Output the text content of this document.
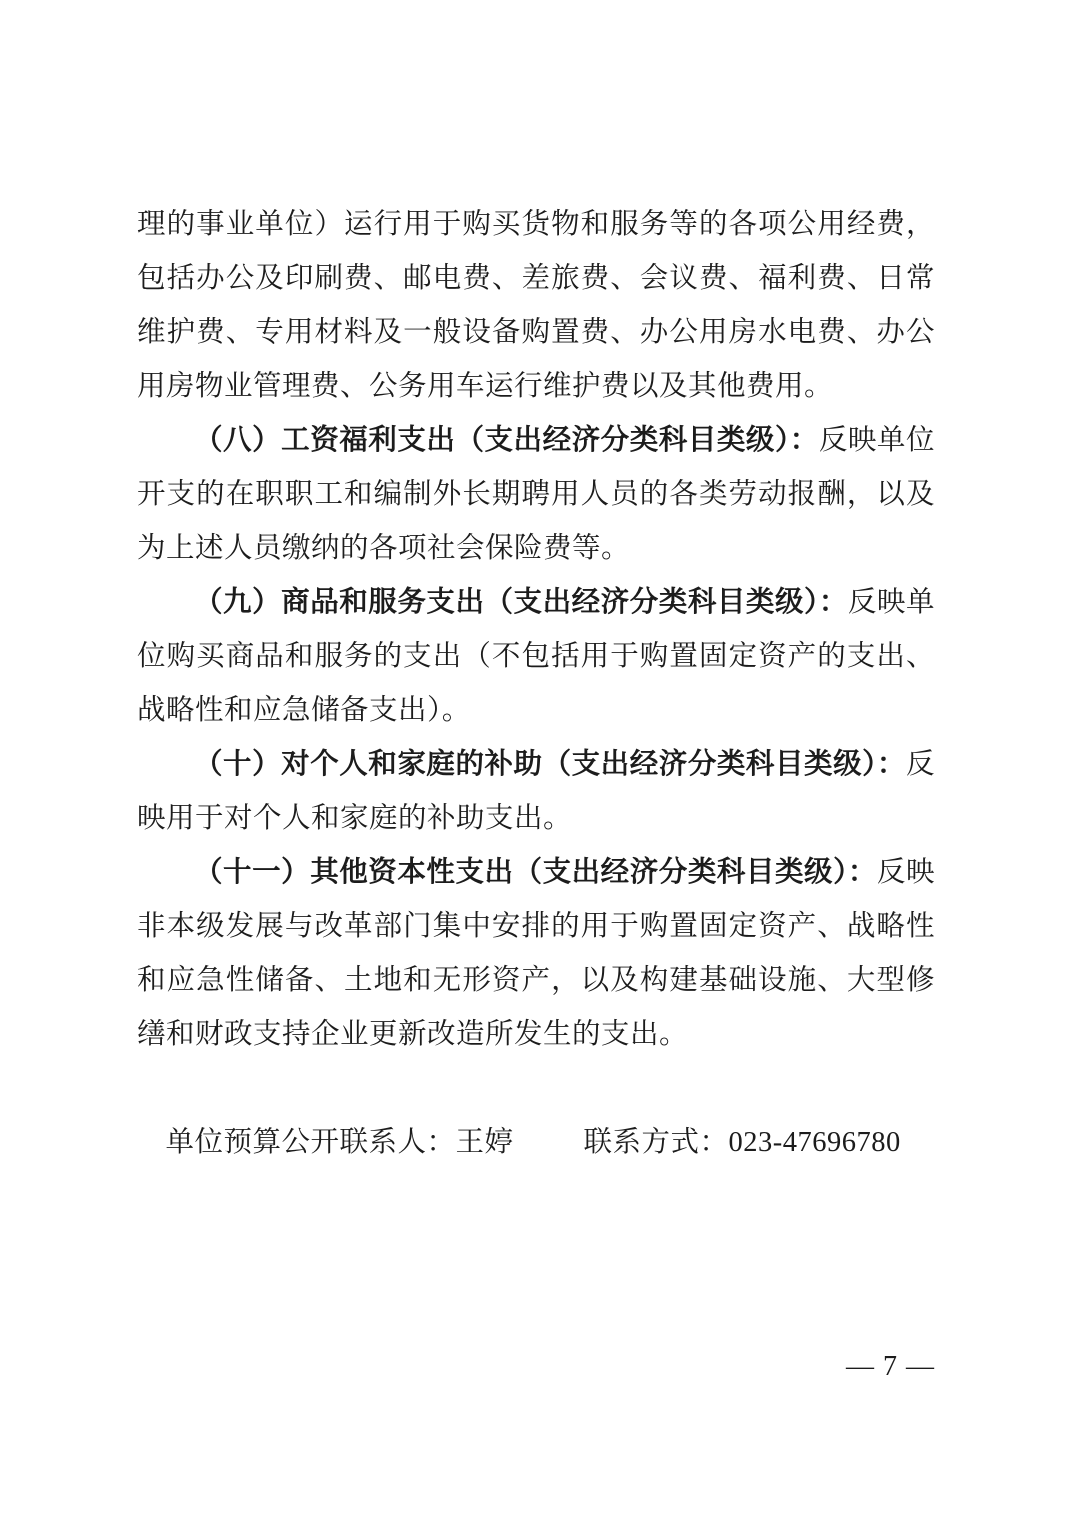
理的事业单位）运行用于购买货物和服务等的各项公用经费，包括办公及印刷费、邮电费、差旅费、会议费、福利费、日常维护费、专用材料及一般设备购置费、办公用房水电费、办公用房物业管理费、公务用车运行维护费以及其他费用。

（八）工资福利支出（支出经济分类科目类级）：反映单位开支的在职职工和编制外长期聘用人员的各类劳动报酬，以及为上述人员缴纳的各项社会保险费等。

（九）商品和服务支出（支出经济分类科目类级）：反映单位购买商品和服务的支出（不包括用于购置固定资产的支出、战略性和应急储备支出）。

（十）对个人和家庭的补助（支出经济分类科目类级）：反映用于对个人和家庭的补助支出。

（十一）其他资本性支出（支出经济分类科目类级）：反映非本级发展与改革部门集中安排的用于购置固定资产、战略性和应急性储备、土地和无形资产，以及构建基础设施、大型修缮和财政支持企业更新改造所发生的支出。

单位预算公开联系人：王婷 联系方式：023-47696780

— 7 —
